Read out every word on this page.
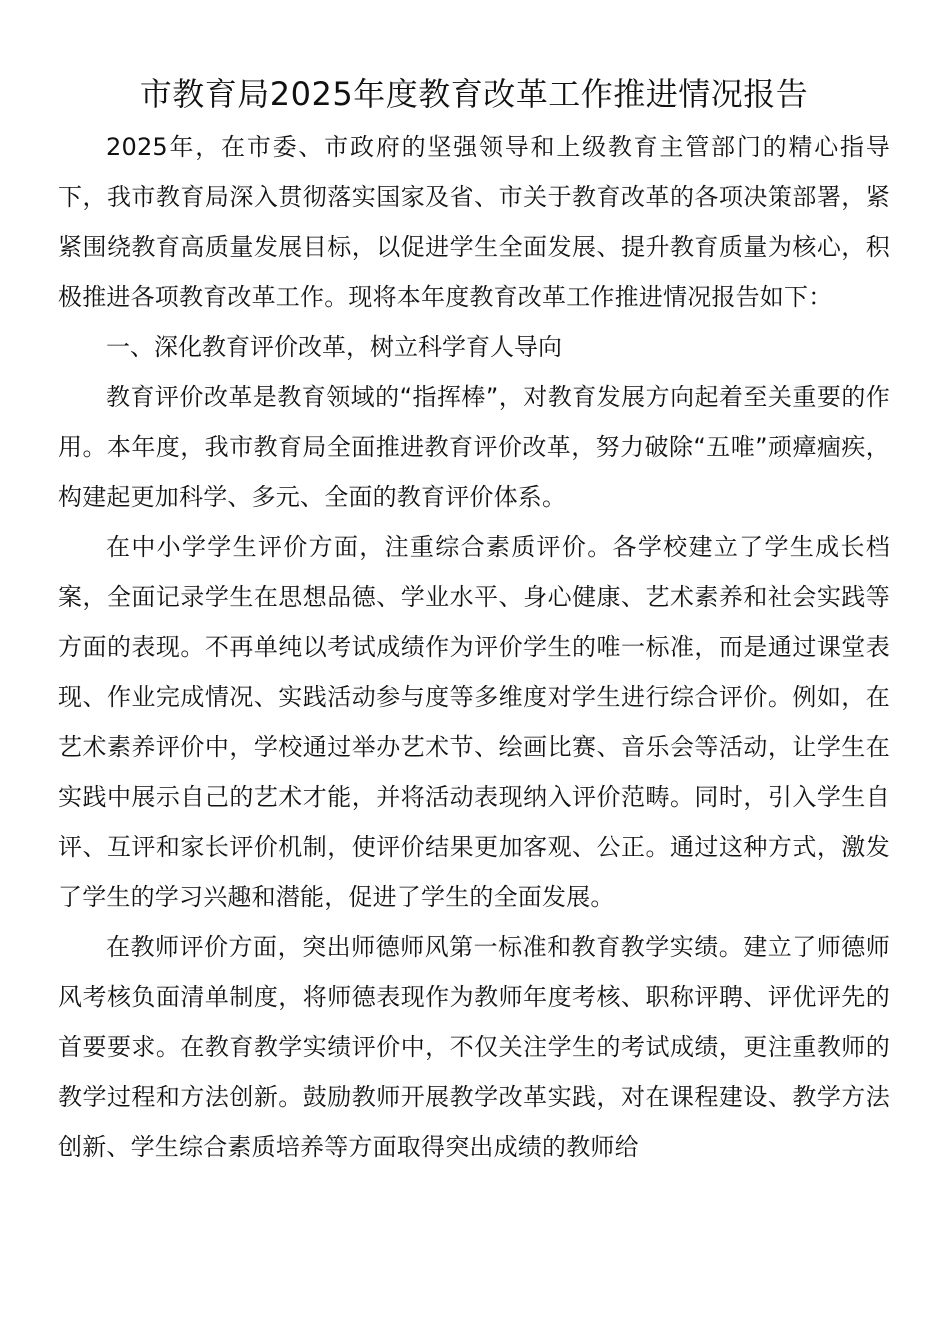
市教育局2025年度教育改革工作推进情况报告

2025年，在市委、市政府的坚强领导和上级教育主管部门的精心指导下，我市教育局深入贯彻落实国家及省、市关于教育改革的各项决策部署，紧紧围绕教育高质量发展目标，以促进学生全面发展、提升教育质量为核心，积极推进各项教育改革工作。现将本年度教育改革工作推进情况报告如下：

一、深化教育评价改革，树立科学育人导向

教育评价改革是教育领域的“指挥棒”，对教育发展方向起着至关重要的作用。本年度，我市教育局全面推进教育评价改革，努力破除“五唯”顽瘴痼疾，构建起更加科学、多元、全面的教育评价体系。

在中小学学生评价方面，注重综合素质评价。各学校建立了学生成长档案，全面记录学生在思想品德、学业水平、身心健康、艺术素养和社会实践等方面的表现。不再单纯以考试成绩作为评价学生的唯一标准，而是通过课堂表现、作业完成情况、实践活动参与度等多维度对学生进行综合评价。例如，在艺术素养评价中，学校通过举办艺术节、绘画比赛、音乐会等活动，让学生在实践中展示自己的艺术才能，并将活动表现纳入评价范畴。同时，引入学生自评、互评和家长评价机制，使评价结果更加客观、公正。通过这种方式，激发了学生的学习兴趣和潜能，促进了学生的全面发展。

在教师评价方面，突出师德师风第一标准和教育教学实绩。建立了师德师风考核负面清单制度，将师德表现作为教师年度考核、职称评聘、评优评先的首要要求。在教育教学实绩评价中，不仅关注学生的考试成绩，更注重教师的教学过程和方法创新。鼓励教师开展教学改革实践，对在课程建设、教学方法创新、学生综合素质培养等方面取得突出成绩的教师给
